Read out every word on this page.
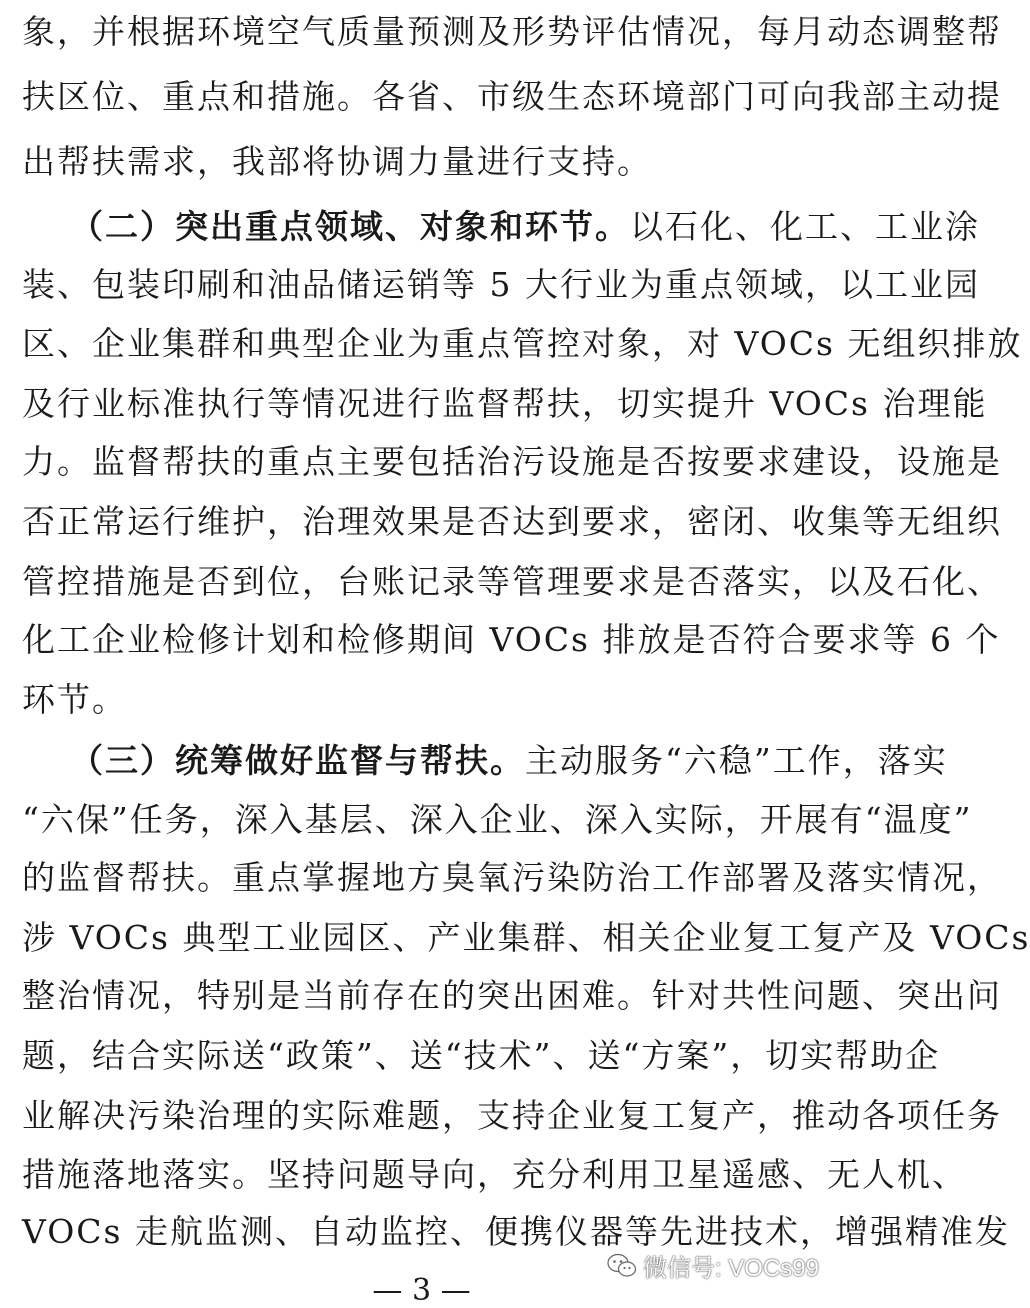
象，并根据环境空气质量预测及形势评估情况，每月动态调整帮
扶区位、重点和措施。各省、市级生态环境部门可向我部主动提
出帮扶需求，我部将协调力量进行支持。
（二）突出重点领域、对象和环节。以石化、化工、工业涂
装、包装印刷和油品储运销等 5 大行业为重点领域，以工业园
区、企业集群和典型企业为重点管控对象，对 VOCs 无组织排放
及行业标准执行等情况进行监督帮扶，切实提升 VOCs 治理能
力。监督帮扶的重点主要包括治污设施是否按要求建设，设施是
否正常运行维护，治理效果是否达到要求，密闭、收集等无组织
管控措施是否到位，台账记录等管理要求是否落实，以及石化、
化工企业检修计划和检修期间 VOCs 排放是否符合要求等 6 个
环节。
（三）统筹做好监督与帮扶。主动服务“六稳”工作，落实
“六保”任务，深入基层、深入企业、深入实际，开展有“温度”
的监督帮扶。重点掌握地方臭氧污染防治工作部署及落实情况，
涉 VOCs 典型工业园区、产业集群、相关企业复工复产及 VOCs
整治情况，特别是当前存在的突出困难。针对共性问题、突出问
题，结合实际送“政策”、送“技术”、送“方案”，切实帮助企
业解决污染治理的实际难题，支持企业复工复产，推动各项任务
措施落地落实。坚持问题导向，充分利用卫星遥感、无人机、
VOCs 走航监测、自动监控、便携仪器等先进技术，增强精准发
微信号: VOCs99
— 3 —
